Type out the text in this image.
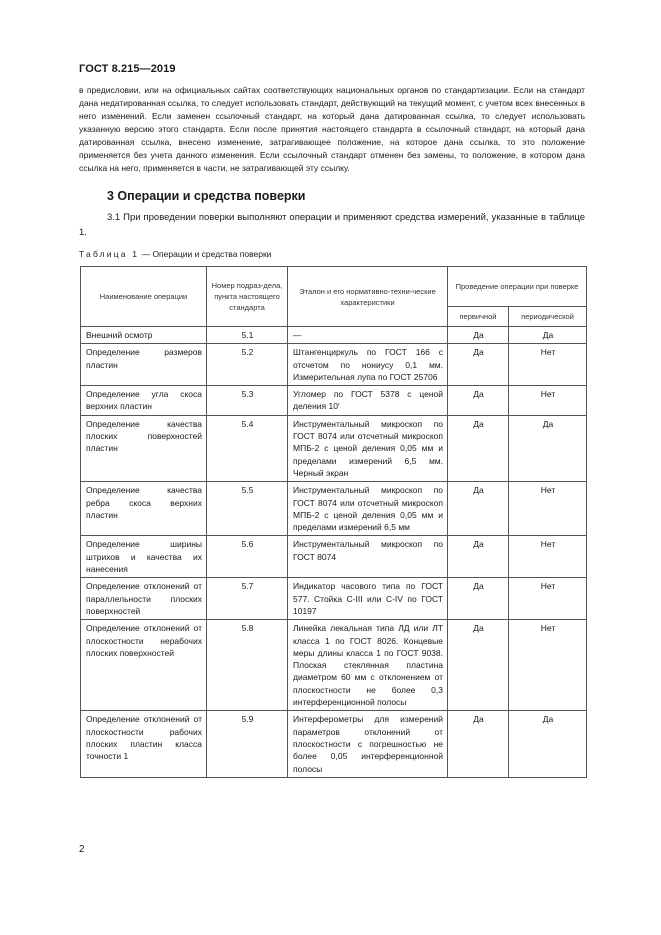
ГОСТ 8.215—2019

в предисловии, или на официальных сайтах соответствующих национальных органов по стандартизации. Если на стандарт дана недатированная ссылка, то следует использовать стандарт, действующий на текущий момент, с учетом всех внесенных в него изменений. Если заменен ссылочный стандарт, на который дана датированная ссылка, то следует использовать указанную версию этого стандарта. Если после принятия настоящего стандарта в ссылочный стандарт, на который дана датированная ссылка, внесено изменение, затрагивающее положение, на которое дана ссылка, то это положение применяется без учета данного изменения. Если ссылочный стандарт отменен без замены, то положение, в котором дана ссылка на него, применяется в части, не затрагивающей эту ссылку.

3 Операции и средства поверки
3.1 При проведении поверки выполняют операции и применяют средства измерений, указанные в таблице 1.
Таблица 1 — Операции и средства поверки
Наименование операции	Номер подраз-дела, пункта настоящего стандарта	Эталон и его нормативно-техни-ческие характеристики	Проведение операции при поверке	
			первичной	периодической
Внешний осмотр	5.1	—	Да	Да
Определение размеров пластин	5.2	Штангенциркуль по ГОСТ 166 с отсчетом по нониусу 0,1 мм. Измерительная лупа по ГОСТ 25706	Да	Нет
Определение угла скоса верхних пластин	5.3	Угломер по ГОСТ 5378 с ценой деления 10′	Да	Нет
Определение качества плоских поверхностей пластин	5.4	Инструментальный микроскоп по ГОСТ 8074 или отсчетный микроскоп МПБ-2 с ценой деления 0,05 мм и пределами измерений 6,5 мм. Черный экран	Да	Да
Определение качества ребра скоса верхних пластин	5.5	Инструментальный микроскоп по ГОСТ 8074 или отсчетный микроскоп МПБ-2 с ценой деления 0,05 мм и пределами измерений 6,5 мм	Да	Нет
Определение ширины штрихов и качества их нанесения	5.6	Инструментальный микроскоп по ГОСТ 8074	Да	Нет
Определение отклонений от параллельности плоских поверхностей	5.7	Индикатор часового типа по ГОСТ 577. Стойка С-III или С-IV по ГОСТ 10197	Да	Нет
Определение отклонений от плоскостности нерабочих плоских поверхностей	5.8	Линейка лекальная типа ЛД или ЛТ класса 1 по ГОСТ 8026. Концевые меры длины класса 1 по ГОСТ 9038. Плоская стеклянная пластина диаметром 60 мм с отклонением от плоскостности не более 0,3 интерференционной полосы	Да	Нет
Определение отклонений от плоскостности рабочих плоских пластин класса точности 1	5.9	Интерферометры для измерений параметров отклонений от плоскостности с погрешностью не более 0,05 интерференционной полосы	Да	Да
2
